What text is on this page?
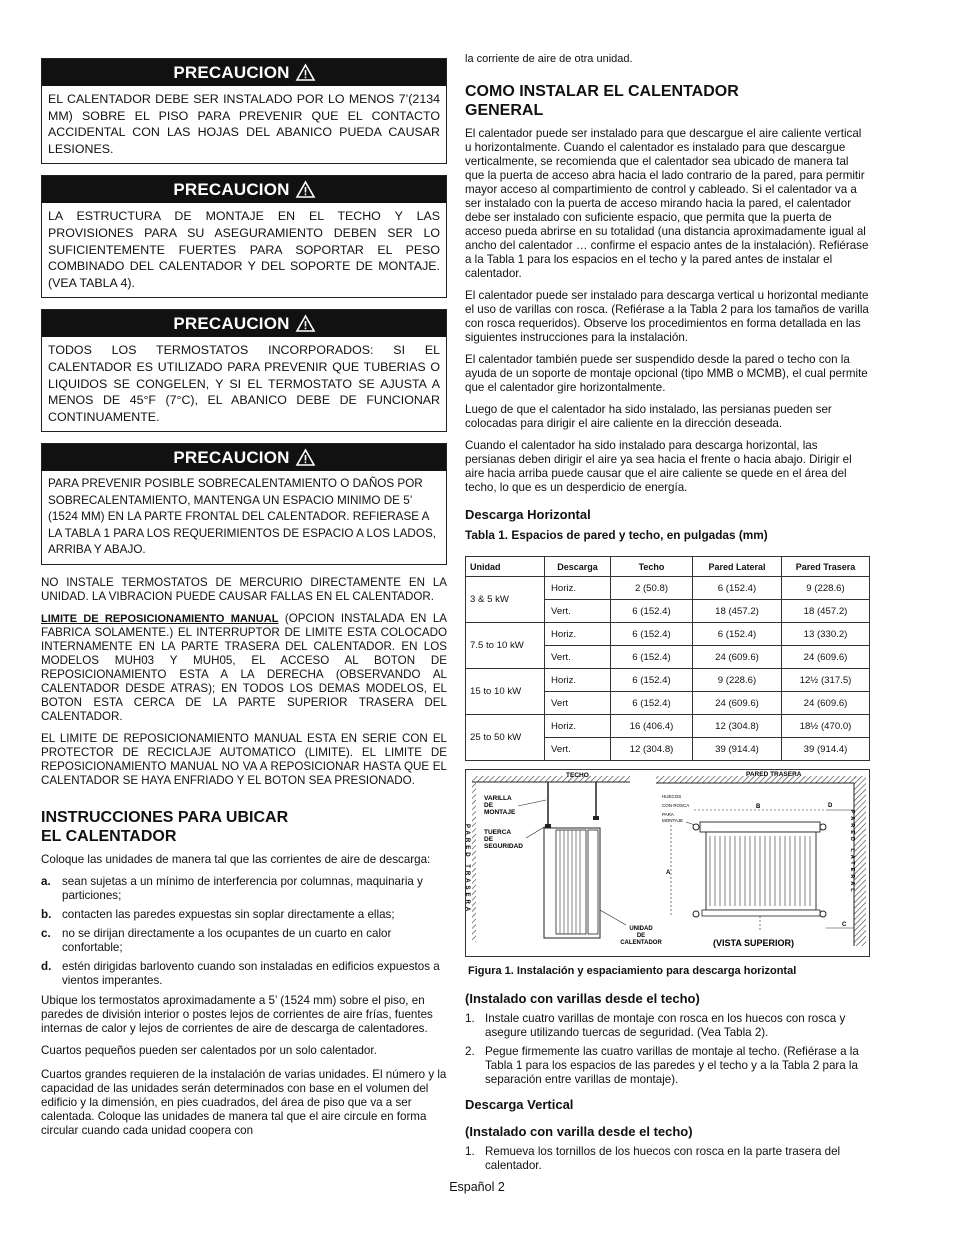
PRECAUCION
EL CALENTADOR DEBE SER INSTALADO POR LO MENOS 7’(2134 MM) SOBRE EL PISO PARA PREVENIR QUE EL CONTACTO ACCIDENTAL CON LAS HOJAS DEL ABANICO PUEDA CAUSAR LESIONES.
PRECAUCION
LA ESTRUCTURA DE MONTAJE EN EL TECHO Y LAS PROVISIONES PARA SU ASEGURAMIENTO DEBEN SER LO SUFICIENTEMENTE FUERTES PARA SOPORTAR EL PESO COMBINADO DEL CALENTADOR Y DEL SOPORTE DE MONTAJE. (VEA TABLA 4).
PRECAUCION
TODOS LOS TERMOSTATOS INCORPORADOS: SI EL CALENTADOR ES UTILIZADO PARA PREVENIR QUE TUBERIAS O LIQUIDOS SE CONGELEN, Y SI EL TERMOSTATO SE AJUSTA A MENOS DE 45°F (7°C), EL ABANICO DEBE DE FUNCIONAR CONTINUAMENTE.
PRECAUCION
PARA PREVENIR POSIBLE SOBRECALENTAMIENTO O DAÑOS POR SOBRECALENTAMIENTO, MANTENGA UN ESPACIO MINIMO DE 5’ (1524 MM) EN LA PARTE FRONTAL DEL CALENTADOR. REFIERASE A LA TABLA 1 PARA LOS REQUERIMIENTOS DE ESPACIO A LOS LADOS, ARRIBA Y ABAJO.

NO INSTALE TERMOSTATOS DE MERCURIO DIRECTAMENTE EN LA UNIDAD. LA VIBRACION PUEDE CAUSAR FALLAS EN EL CALENTADOR.

LIMITE DE REPOSICIONAMIENTO MANUAL (OPCION INSTALADA EN LA FABRICA SOLAMENTE.) EL INTERRUPTOR DE LIMITE ESTA COLOCADO INTERNAMENTE EN LA PARTE TRASERA DEL CALENTADOR. EN LOS MODELOS MUH03 Y MUH05, EL ACCESO AL BOTON DE REPOSICIONAMIENTO ESTA A LA DERECHA (OBSERVANDO AL CALENTADOR DESDE ATRAS); EN TODOS LOS DEMAS MODELOS, EL BOTON ESTA CERCA DE LA PARTE SUPERIOR TRASERA DEL CALENTADOR.

EL LIMITE DE REPOSICIONAMIENTO MANUAL ESTA EN SERIE CON EL PROTECTOR DE RECICLAJE AUTOMATICO (LIMITE). EL LIMITE DE REPOSICIONAMIENTO MANUAL NO VA A REPOSICIONAR HASTA QUE EL CALENTADOR SE HAYA ENFRIADO Y EL BOTON SEA PRESIONADO.

INSTRUCCIONES PARA UBICAR
EL CALENTADOR

Coloque las unidades de manera tal que las corrientes de aire de descarga:

a. sean sujetas a un mínimo de interferencia por columnas, maquinaria y particiones;
b. contacten las paredes expuestas sin soplar directamente a ellas;
c. no se dirijan directamente a los ocupantes de un cuarto en calor confortable;
d. estén dirigidas barlovento cuando son instaladas en edificios expuestos a vientos imperantes.

Ubique los termostatos aproximadamente a 5’ (1524 mm) sobre el piso, en paredes de división interior o postes lejos de corrientes de aire frías, fuentes internas de calor y lejos de corrientes de aire de descarga de calentadores.

Cuartos pequeños pueden ser calentados por un solo calentador.

Cuartos grandes requieren de la instalación de varias unidades. El número y la capacidad de las unidades serán determinados con base en el volumen del edificio y la dimensión, en pies cuadrados, del área de piso que va a ser calentada. Coloque las unidades de manera tal que el aire circule en forma circular cuando cada unidad coopera con

la corriente de aire de otra unidad.

COMO INSTALAR EL CALENTADOR
GENERAL

El calentador puede ser instalado para que descargue el aire caliente vertical u horizontalmente. Cuando el calentador es instalado para que descargue verticalmente, se recomienda que el calentador sea ubicado de manera tal que la puerta de acceso abra hacia el lado contrario de la pared, para permitir mayor acceso al compartimiento de control y cableado. Si el calentador va a ser instalado con la puerta de acceso mirando hacia la pared, el calentador debe ser instalado con suficiente espacio, que permita que la puerta de acceso pueda abrirse en su totalidad (una distancia aproximadamente igual al ancho del calentador … confirme el espacio antes de la instalación). Refiérase a la Tabla 1 para los espacios en el techo y la pared antes de instalar el calentador.

El calentador puede ser instalado para descarga vertical u horizontal mediante el uso de varillas con rosca. (Refiérase a la Tabla 2 para los tamaños de varilla con rosca requeridos). Observe los procedimientos en forma detallada en las siguientes instrucciones para la instalación.

El calentador también puede ser suspendido desde la pared o techo con la ayuda de un soporte de montaje opcional (tipo MMB o MCMB), el cual permite que el calentador gire horizontalmente.

Luego de que el calentador ha sido instalado, las persianas pueden ser colocadas para dirigir el aire caliente en la dirección deseada.

Cuando el calentador ha sido instalado para descarga horizontal, las persianas deben dirigir el aire ya sea hacia el frente o hacia abajo. Dirigir el aire hacia arriba puede causar que el aire caliente se quede en el área del techo, lo que es un desperdicio de energía.

Descarga Horizontal
Tabla 1. Espacios de pared y techo, en pulgadas (mm)
Unidad	Descarga	Techo	Pared Lateral	Pared Trasera
3 & 5 kW	Horiz.	2 (50.8)	6 (152.4)	9 (228.6)
	Vert.	6 (152.4)	18 (457.2)	18 (457.2)
7.5 to 10 kW	Horiz.	6 (152.4)	6 (152.4)	13 (330.2)
	Vert.	6 (152.4)	24 (609.6)	24 (609.6)
15 to 10 kW	Horiz.	6 (152.4)	9 (228.6)	12½ (317.5)
	Vert	6 (152.4)	24 (609.6)	24 (609.6)
25 to 50 kW	Horiz.	16 (406.4)	12 (304.8)	18½ (470.0)
	Vert.	12 (304.8)	39 (914.4)	39 (914.4)
TECHO
VARILLA DE MONTAJE
TUERCA DE SEGURIDAD
UNIDAD DE CALENTADOR
PARED TRASERA
PARED TRASERA
HUECOS CON ROSCA PARA MONTAJE
B
A
D
C
(VISTA SUPERIOR)
PARED LATERAL
Figura 1. Instalación y espaciamiento para descarga horizontal
(Instalado con varillas desde el techo)
1. Instale cuatro varillas de montaje con rosca en los huecos con rosca y asegure utilizando tuercas de seguridad. (Vea Tabla 2).
2. Pegue firmemente las cuatro varillas de montaje al techo. (Refiérase a la Tabla 1 para los espacios de las paredes y el techo y a la Tabla 2 para la separación entre varillas de montaje).
Descarga Vertical
(Instalado con varilla desde el techo)
1. Remueva los tornillos de los huecos con rosca en la parte trasera del calentador.
Español 2
